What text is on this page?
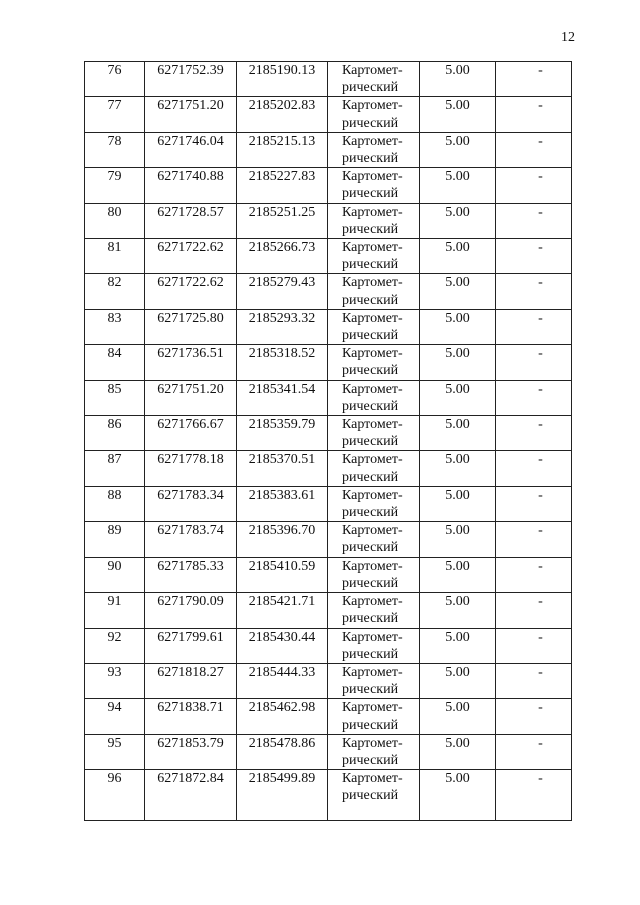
12
76	6271752.39	2185190.13	Картомет-
рический	5.00	-
77	6271751.20	2185202.83	Картомет-
рический	5.00	-
78	6271746.04	2185215.13	Картомет-
рический	5.00	-
79	6271740.88	2185227.83	Картомет-
рический	5.00	-
80	6271728.57	2185251.25	Картомет-
рический	5.00	-
81	6271722.62	2185266.73	Картомет-
рический	5.00	-
82	6271722.62	2185279.43	Картомет-
рический	5.00	-
83	6271725.80	2185293.32	Картомет-
рический	5.00	-
84	6271736.51	2185318.52	Картомет-
рический	5.00	-
85	6271751.20	2185341.54	Картомет-
рический	5.00	-
86	6271766.67	2185359.79	Картомет-
рический	5.00	-
87	6271778.18	2185370.51	Картомет-
рический	5.00	-
88	6271783.34	2185383.61	Картомет-
рический	5.00	-
89	6271783.74	2185396.70	Картомет-
рический	5.00	-
90	6271785.33	2185410.59	Картомет-
рический	5.00	-
91	6271790.09	2185421.71	Картомет-
рический	5.00	-
92	6271799.61	2185430.44	Картомет-
рический	5.00	-
93	6271818.27	2185444.33	Картомет-
рический	5.00	-
94	6271838.71	2185462.98	Картомет-
рический	5.00	-
95	6271853.79	2185478.86	Картомет-
рический	5.00	-
96	6271872.84	2185499.89	Картомет-
рический	5.00	-
